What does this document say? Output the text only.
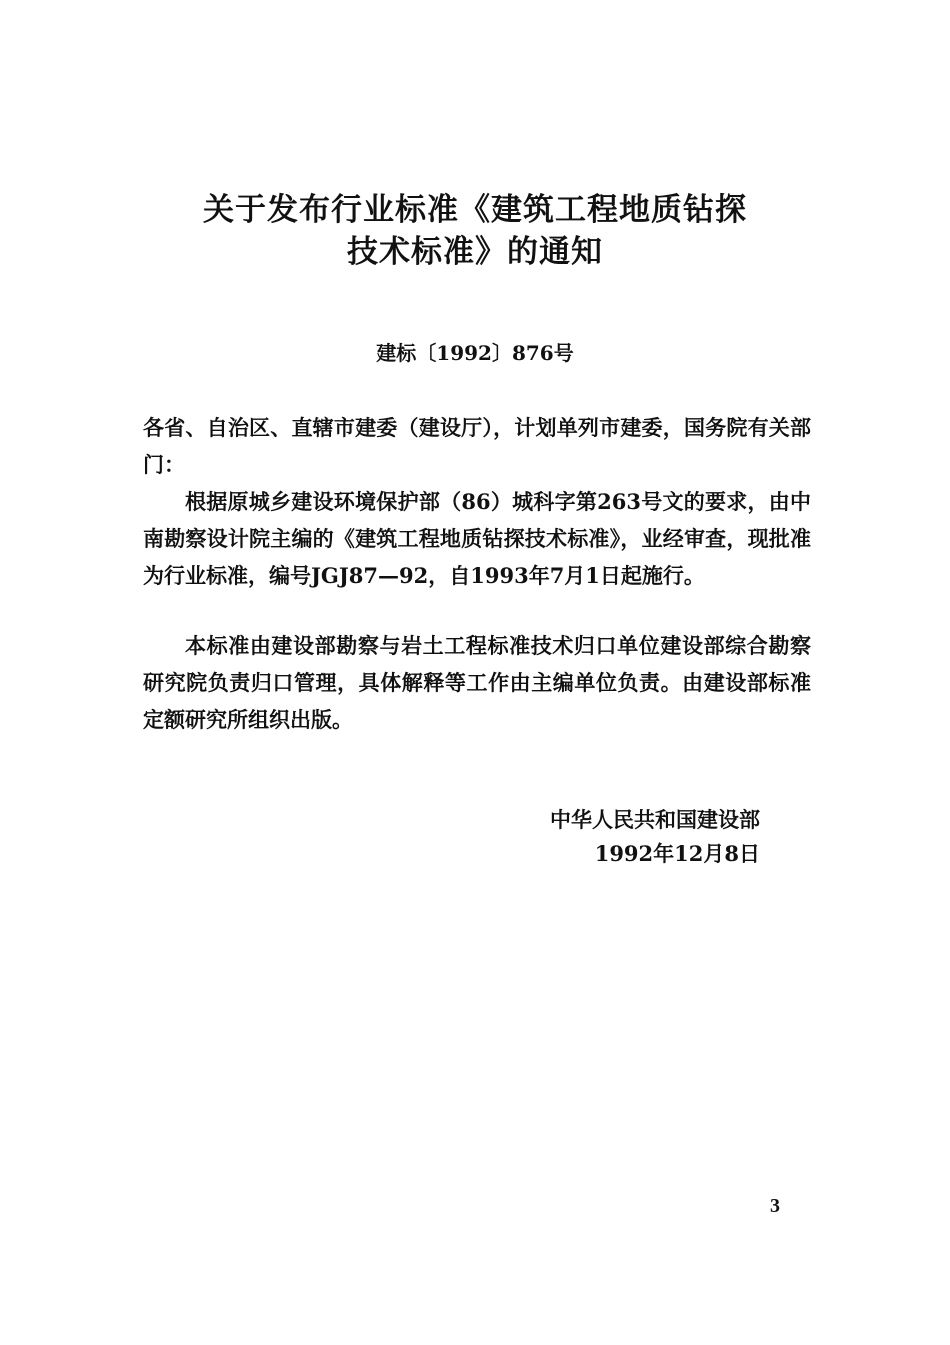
关于发布行业标准《建筑工程地质钻探
技术标准》的通知
建标〔1992〕876号
各省、自治区、直辖市建委（建设厅），计划单列市建委，国务院有关部门：
根据原城乡建设环境保护部（86）城科字第263号文的要求，由中南勘察设计院主编的《建筑工程地质钻探技术标准》，业经审查，现批准为行业标准，编号JGJ87—92，自1993年7月1日起施行。
本标准由建设部勘察与岩土工程标准技术归口单位建设部综合勘察研究院负责归口管理，具体解释等工作由主编单位负责。由建设部标准定额研究所组织出版。
中华人民共和国建设部
1992年12月8日
3
